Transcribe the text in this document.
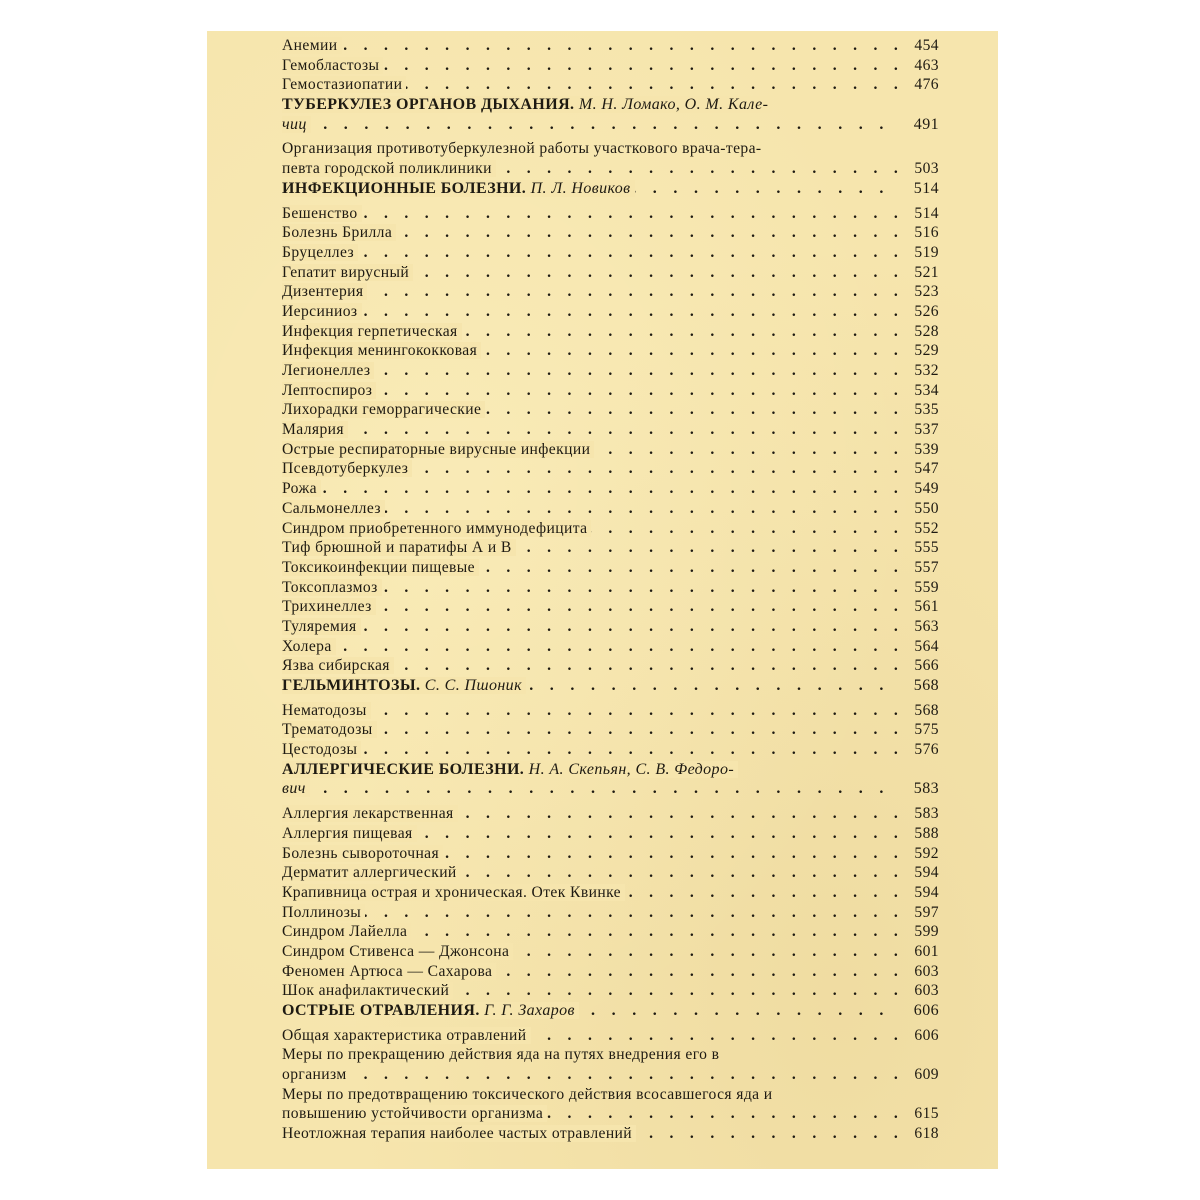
. . .
Анемии	454
. . .
Гемобластозы	463
. . .
Гемостазиопатии	476
ТУБЕРКУЛЕЗ ОРГАНОВ ДЫХАНИЯ. М. Н. Ломако, О. М. Кале-
. . .
чиц	491
Организация противотуберкулезной работы участкового врача-тера-
. . .
певта городской поликлиники	503
. . .
ИНФЕКЦИОННЫЕ БОЛЕЗНИ. П. Л. Новиков	514
. . .
Бешенство	514
. . .
Болезнь Брилла	516
. . .
Бруцеллез	519
. . .
Гепатит вирусный	521
. . .
Дизентерия	523
. . .
Иерсиниоз	526
. . .
Инфекция герпетическая	528
. . .
Инфекция менингококковая	529
. . .
Легионеллез	532
. . .
Лептоспироз	534
. . .
Лихорадки геморрагические	535
. . .
Малярия	537
. . .
Острые респираторные вирусные инфекции	539
. . .
Псевдотуберкулез	547
. . .
Рожа	549
. . .
Сальмонеллез	550
. . .
Синдром приобретенного иммунодефицита	552
. . .
Тиф брюшной и паратифы А и В	555
. . .
Токсикоинфекции пищевые	557
. . .
Токсоплазмоз	559
. . .
Трихинеллез	561
. . .
Туляремия	563
. . .
Холера	564
. . .
Язва сибирская	566
. . .
ГЕЛЬМИНТОЗЫ. С. С. Пшоник	568
. . .
Нематодозы	568
. . .
Трематодозы	575
. . .
Цестодозы	576
АЛЛЕРГИЧЕСКИЕ БОЛЕЗНИ. Н. А. Скепьян, С. В. Федоро-
. . .
вич	583
. . .
Аллергия лекарственная	583
. . .
Аллергия пищевая	588
. . .
Болезнь сывороточная	592
. . .
Дерматит аллергический	594
. . .
Крапивница острая и хроническая. Отек Квинке	594
. . .
Поллинозы	597
. . .
Синдром Лайелла	599
. . .
Синдром Стивенса — Джонсона	601
. . .
Феномен Артюса — Сахарова	603
. . .
Шок анафилактический	603
. . .
ОСТРЫЕ ОТРАВЛЕНИЯ. Г. Г. Захаров	606
. . .
Общая характеристика отравлений	606
Меры по прекращению действия яда на путях внедрения его в
. . .
организм	609
Меры по предотвращению токсического действия всосавшегося яда и
. . .
повышению устойчивости организма	615
. . .
Неотложная терапия наиболее частых отравлений	618
